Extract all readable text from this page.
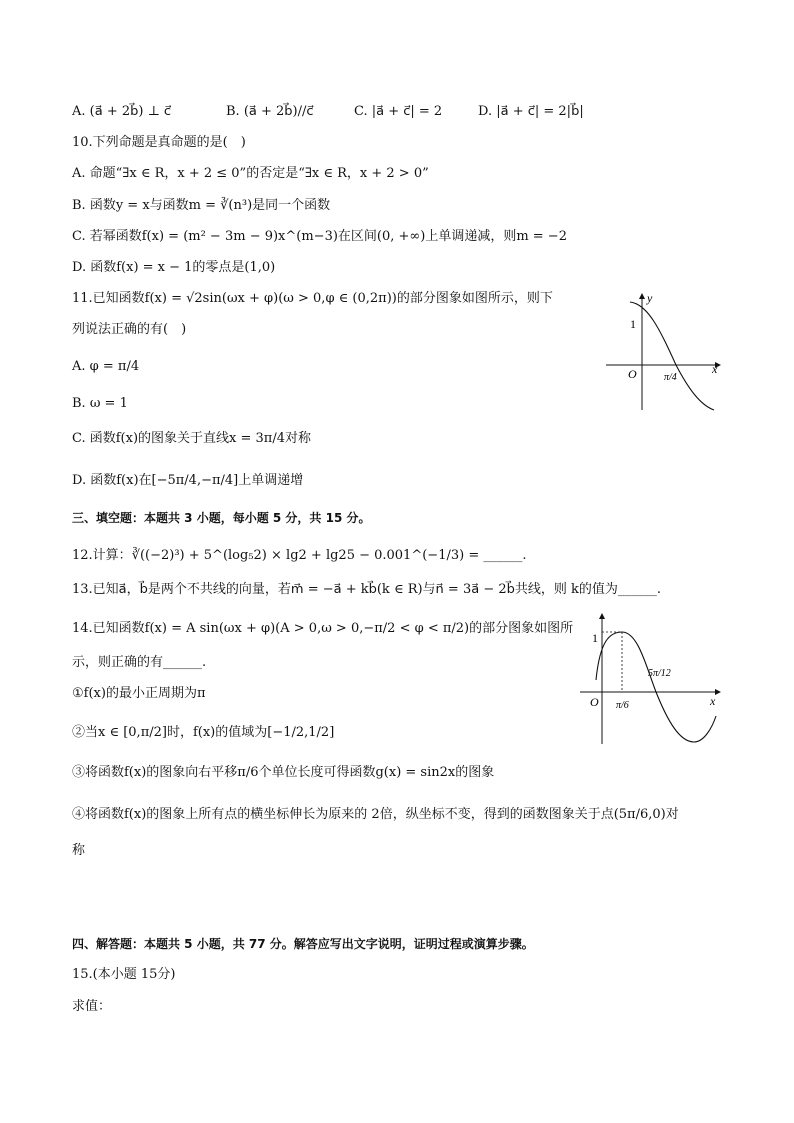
A. (a⃗ + 2b⃗) ⊥ c⃗	B. (a⃗ + 2b⃗)//c⃗	C. |a⃗ + c⃗| = 2	D. |a⃗ + c⃗| = 2|b⃗|
10.下列命题是真命题的是(　)
A. 命题“∃x ∈ R，x + 2 ≤ 0”的否定是“∃x ∈ R，x + 2 > 0”
B. 函数y = x与函数m = ∛(n³)是同一个函数
C. 若幂函数f(x) = (m² − 3m − 9)x^(m−3)在区间(0, +∞)上单调递减，则m = −2
D. 函数f(x) = x − 1的零点是(1,0)
11.已知函数f(x) = √2sin(ωx + φ)(ω > 0,φ ∈ (0,2π))的部分图象如图所示，则下
列说法正确的有(　)
A. φ = π/4
B. ω = 1
C. 函数f(x)的图象关于直线x = 3π/4对称
D. 函数f(x)在[−5π/4,−π/4]上单调递增
y
x
O
1
π/4
三、填空题：本题共 3 小题，每小题 5 分，共 15 分。
12.计算：∛((−2)³) + 5^(log₅2) × lg2 + lg25 − 0.001^(−1/3) = ______.
13.已知a⃗，b⃗是两个不共线的向量，若m⃗ = −a⃗ + kb⃗(k ∈ R)与n⃗ = 3a⃗ − 2b⃗共线，则 k的值为______.
14.已知函数f(x) = A sin(ωx + φ)(A > 0,ω > 0,−π/2 < φ < π/2)的部分图象如图所
示，则正确的有______.
①f(x)的最小正周期为π
②当x ∈ [0,π/2]时，f(x)的值域为[−1/2,1/2]
③将函数f(x)的图象向右平移π/6个单位长度可得函数g(x) = sin2x的图象
④将函数f(x)的图象上所有点的横坐标伸长为原来的 2倍，纵坐标不变，得到的函数图象关于点(5π/6,0)对
称
1
O	x
π/6
5π/12
四、解答题：本题共 5 小题，共 77 分。解答应写出文字说明，证明过程或演算步骤。
15.(本小题 15分)
求值：
